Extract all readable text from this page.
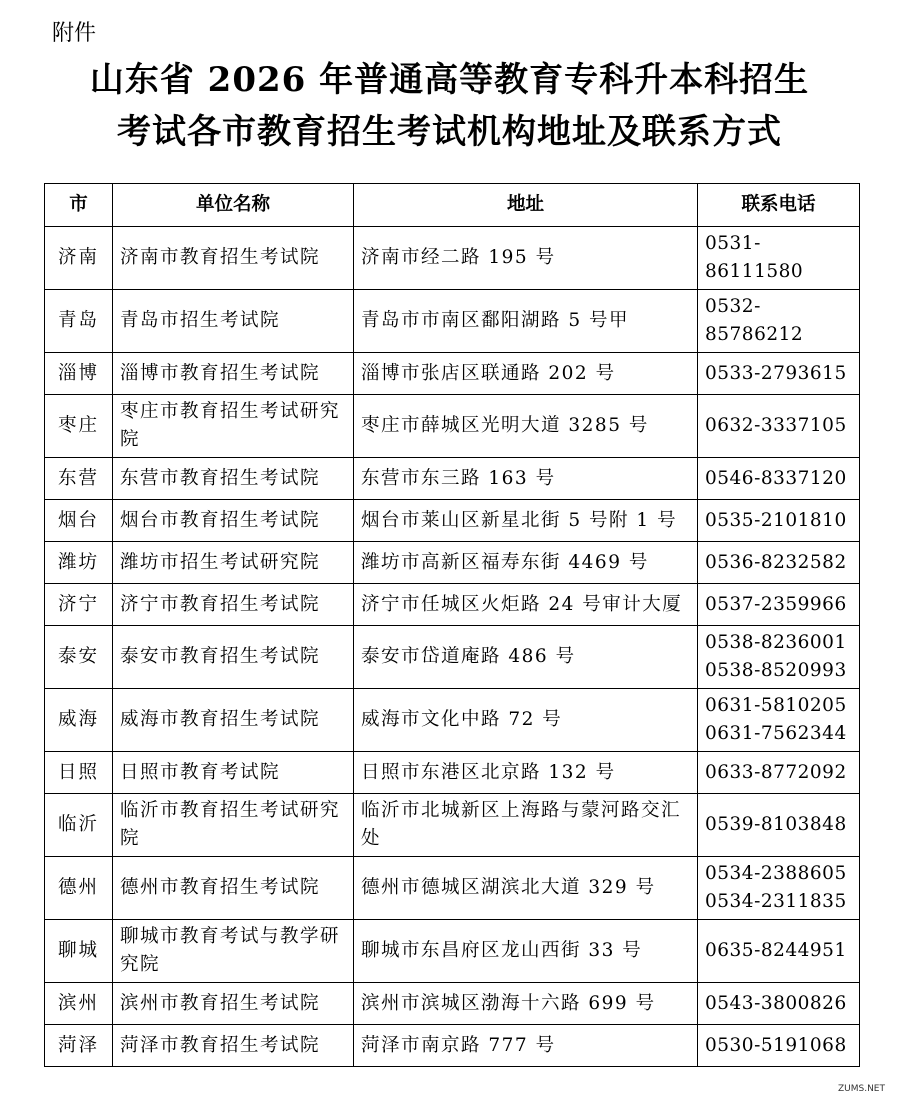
附件
山东省 2026 年普通高等教育专科升本科招生
考试各市教育招生考试机构地址及联系方式
市	单位名称	地址	联系电话
济南	济南市教育招生考试院	济南市经二路 195 号	0531-86111580

青岛	青岛市招生考试院	青岛市市南区鄱阳湖路 5 号甲	0532-85786212

淄博	淄博市教育招生考试院	淄博市张店区联通路 202 号	0533-2793615

枣庄	枣庄市教育招生考试研究院	枣庄市薛城区光明大道 3285 号	0632-3337105

东营	东营市教育招生考试院	东营市东三路 163 号	0546-8337120

烟台	烟台市教育招生考试院	烟台市莱山区新星北街 5 号附 1 号	0535-2101810

潍坊	潍坊市招生考试研究院	潍坊市高新区福寿东街 4469 号	0536-8232582

济宁	济宁市教育招生考试院	济宁市任城区火炬路 24 号审计大厦	0537-2359966

泰安	泰安市教育招生考试院	泰安市岱道庵路 486 号	0538-8236001
0538-8520993

威海	威海市教育招生考试院	威海市文化中路 72 号	0631-5810205
0631-7562344

日照	日照市教育考试院	日照市东港区北京路 132 号	0633-8772092

临沂	临沂市教育招生考试研究院	临沂市北城新区上海路与蒙河路交汇处	0539-8103848

德州	德州市教育招生考试院	德州市德城区湖滨北大道 329 号	0534-2388605
0534-2311835

聊城	聊城市教育考试与教学研究院	聊城市东昌府区龙山西街 33 号	0635-8244951

滨州	滨州市教育招生考试院	滨州市滨城区渤海十六路 699 号	0543-3800826

菏泽	菏泽市教育招生考试院	菏泽市南京路 777 号	0530-5191068
ZUMS.NET
